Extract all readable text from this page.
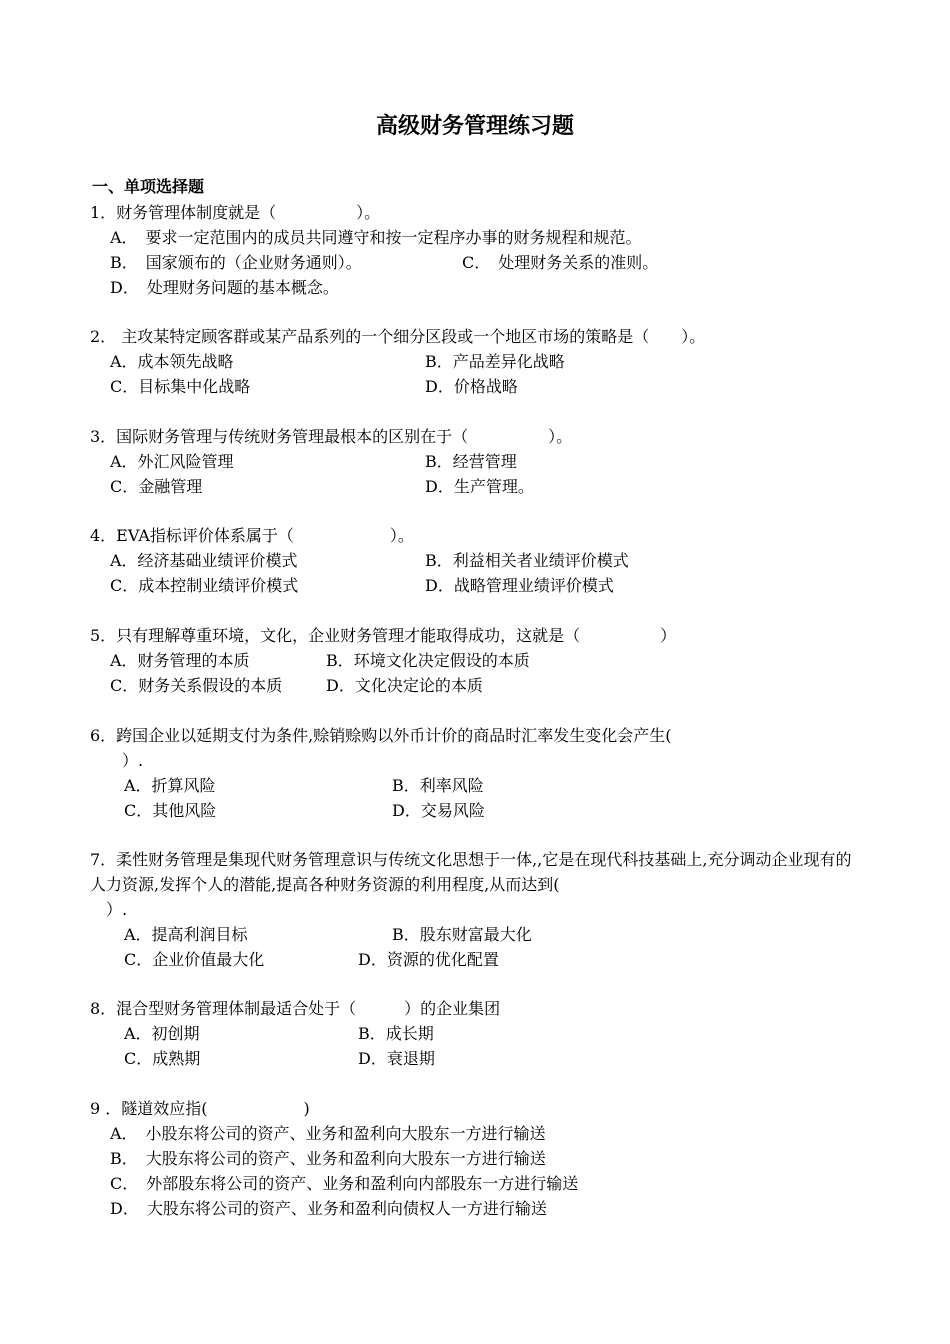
高级财务管理练习题
一、单项选择题
1．财务管理体制度就是（　　　　　）。
A．　要求一定范围内的成员共同遵守和按一定程序办事的财务规程和规范。

B．　国家颁布的（企业财务通则）。

	C．　处理财务关系的准则。

D．　处理财务问题的基本概念。
2． 主攻某特定顾客群或某产品系列的一个细分区段或一个地区市场的策略是（　　）。

A．成本领先战略

	B．产品差异化战略

C．目标集中化战略

	D．价格战略

3．国际财务管理与传统财务管理最根本的区别在于（　　　　　）。

A．外汇风险管理

	B．经营管理

C．金融管理

	D．生产管理。

4．EVA指标评价体系属于（　　　　　　）。

A．经济基础业绩评价模式

	B．利益相关者业绩评价模式

C．成本控制业绩评价模式

	D．战略管理业绩评价模式

5．只有理解尊重环境，文化，企业财务管理才能取得成功，这就是（　　　　　）

A．财务管理的本质

	B．环境文化决定假设的本质

C．财务关系假设的本质

	D．文化决定论的本质

6．跨国企业以延期支付为条件,赊销赊购以外币计价的商品时汇率发生变化会产生(
　　）.

A．折算风险

	B．利率风险

C．其他风险

	D．交易风险

7．柔性财务管理是集现代财务管理意识与传统文化思想于一体,,它是在现代科技基础上,充分调动企业现有的人力资源,发挥个人的潜能,提高各种财务资源的利用程度,从而达到(
　）.

A．提高利润目标

	B．股东财富最大化

C．企业价值最大化

	D．资源的优化配置

8．混合型财务管理体制最适合处于（　　　）的企业集团

A．初创期

	B．成长期

C．成熟期

	D．衰退期

9 ．隧道效应指(　　　　　　)
A．　小股东将公司的资产、业务和盈利向大股东一方进行输送
B．　大股东将公司的资产、业务和盈利向大股东一方进行输送
C．　外部股东将公司的资产、业务和盈利向内部股东一方进行输送
D．　大股东将公司的资产、业务和盈利向债权人一方进行输送
